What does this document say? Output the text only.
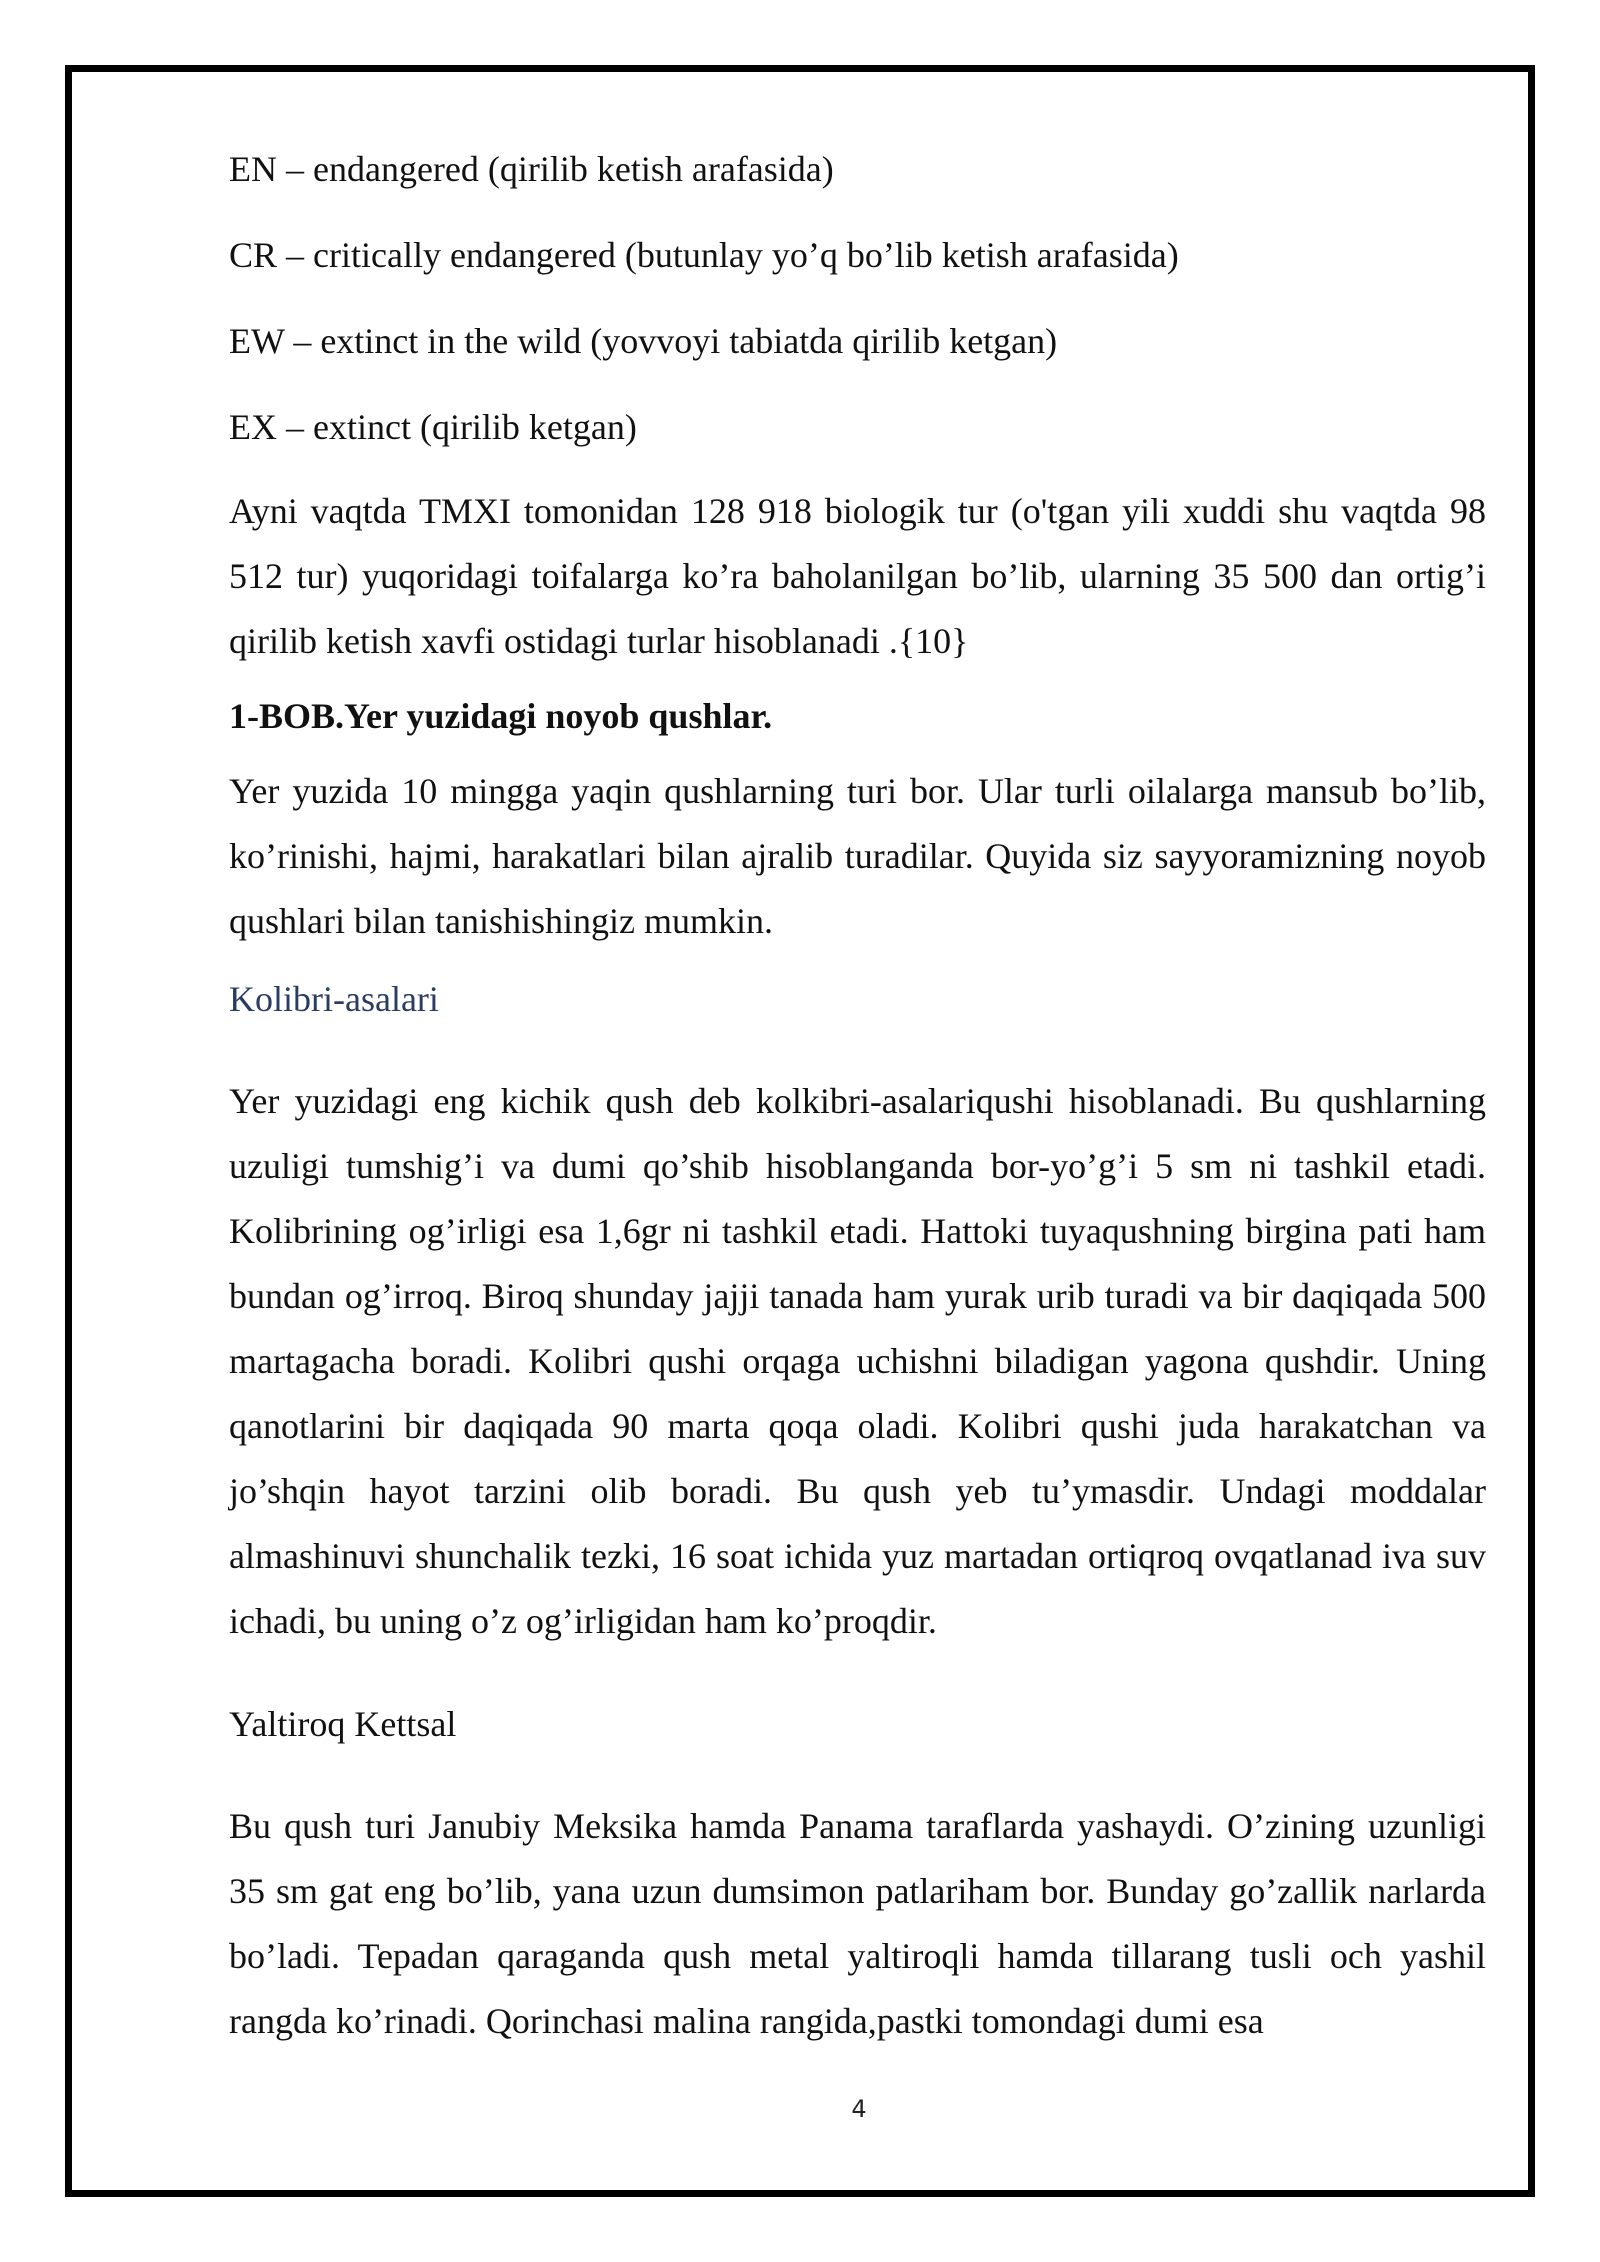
EN – endangered (qirilib ketish arafasida)

CR – critically endangered (butunlay yo’q bo’lib ketish arafasida)

EW – extinct in the wild (yovvoyi tabiatda qirilib ketgan)

EX – extinct (qirilib ketgan)

Ayni vaqtda TMXI tomonidan 128 918 biologik tur (o'tgan yili xuddi shu vaqtda 98 512 tur) yuqoridagi toifalarga ko’ra baholanilgan bo’lib, ularning 35 500 dan ortig’i qirilib ketish xavfi ostidagi turlar hisoblanadi .{10}

1-BOB.Yer yuzidagi noyob qushlar.

Yer yuzida 10 mingga yaqin qushlarning turi bor. Ular turli oilalarga mansub bo’lib, ko’rinishi, hajmi, harakatlari bilan ajralib turadilar. Quyida siz sayyoramizning noyob qushlari bilan tanishishingiz mumkin.

Kolibri-asalari

Yer yuzidagi eng kichik qush deb kolkibri-asalariqushi hisoblanadi. Bu qushlarning uzuligi tumshig’i va dumi qo’shib hisoblanganda bor-yo’g’i 5 sm ni tashkil etadi. Kolibrining og’irligi esa 1,6gr ni tashkil etadi. Hattoki tuyaqushning birgina pati ham bundan og’irroq. Biroq shunday jajji tanada ham yurak urib turadi va bir daqiqada 500 martagacha boradi. Kolibri qushi orqaga uchishni biladigan yagona qushdir. Uning qanotlarini bir daqiqada 90 marta qoqa oladi. Kolibri qushi juda harakatchan va jo’shqin hayot tarzini olib boradi. Bu qush yeb tu’ymasdir. Undagi moddalar almashinuvi shunchalik tezki, 16 soat ichida yuz martadan ortiqroq ovqatlanad iva suv ichadi, bu uning o’z og’irligidan ham ko’proqdir.

Yaltiroq Kettsal

Bu qush turi Janubiy Meksika hamda Panama taraflarda yashaydi. O’zining uzunligi 35 sm gat eng bo’lib, yana uzun dumsimon patlariham bor. Bunday go’zallik narlarda bo’ladi. Tepadan qaraganda qush metal yaltiroqli hamda tillarang tusli och yashil rangda ko’rinadi. Qorinchasi malina rangida,pastki tomondagi dumi esa

4
